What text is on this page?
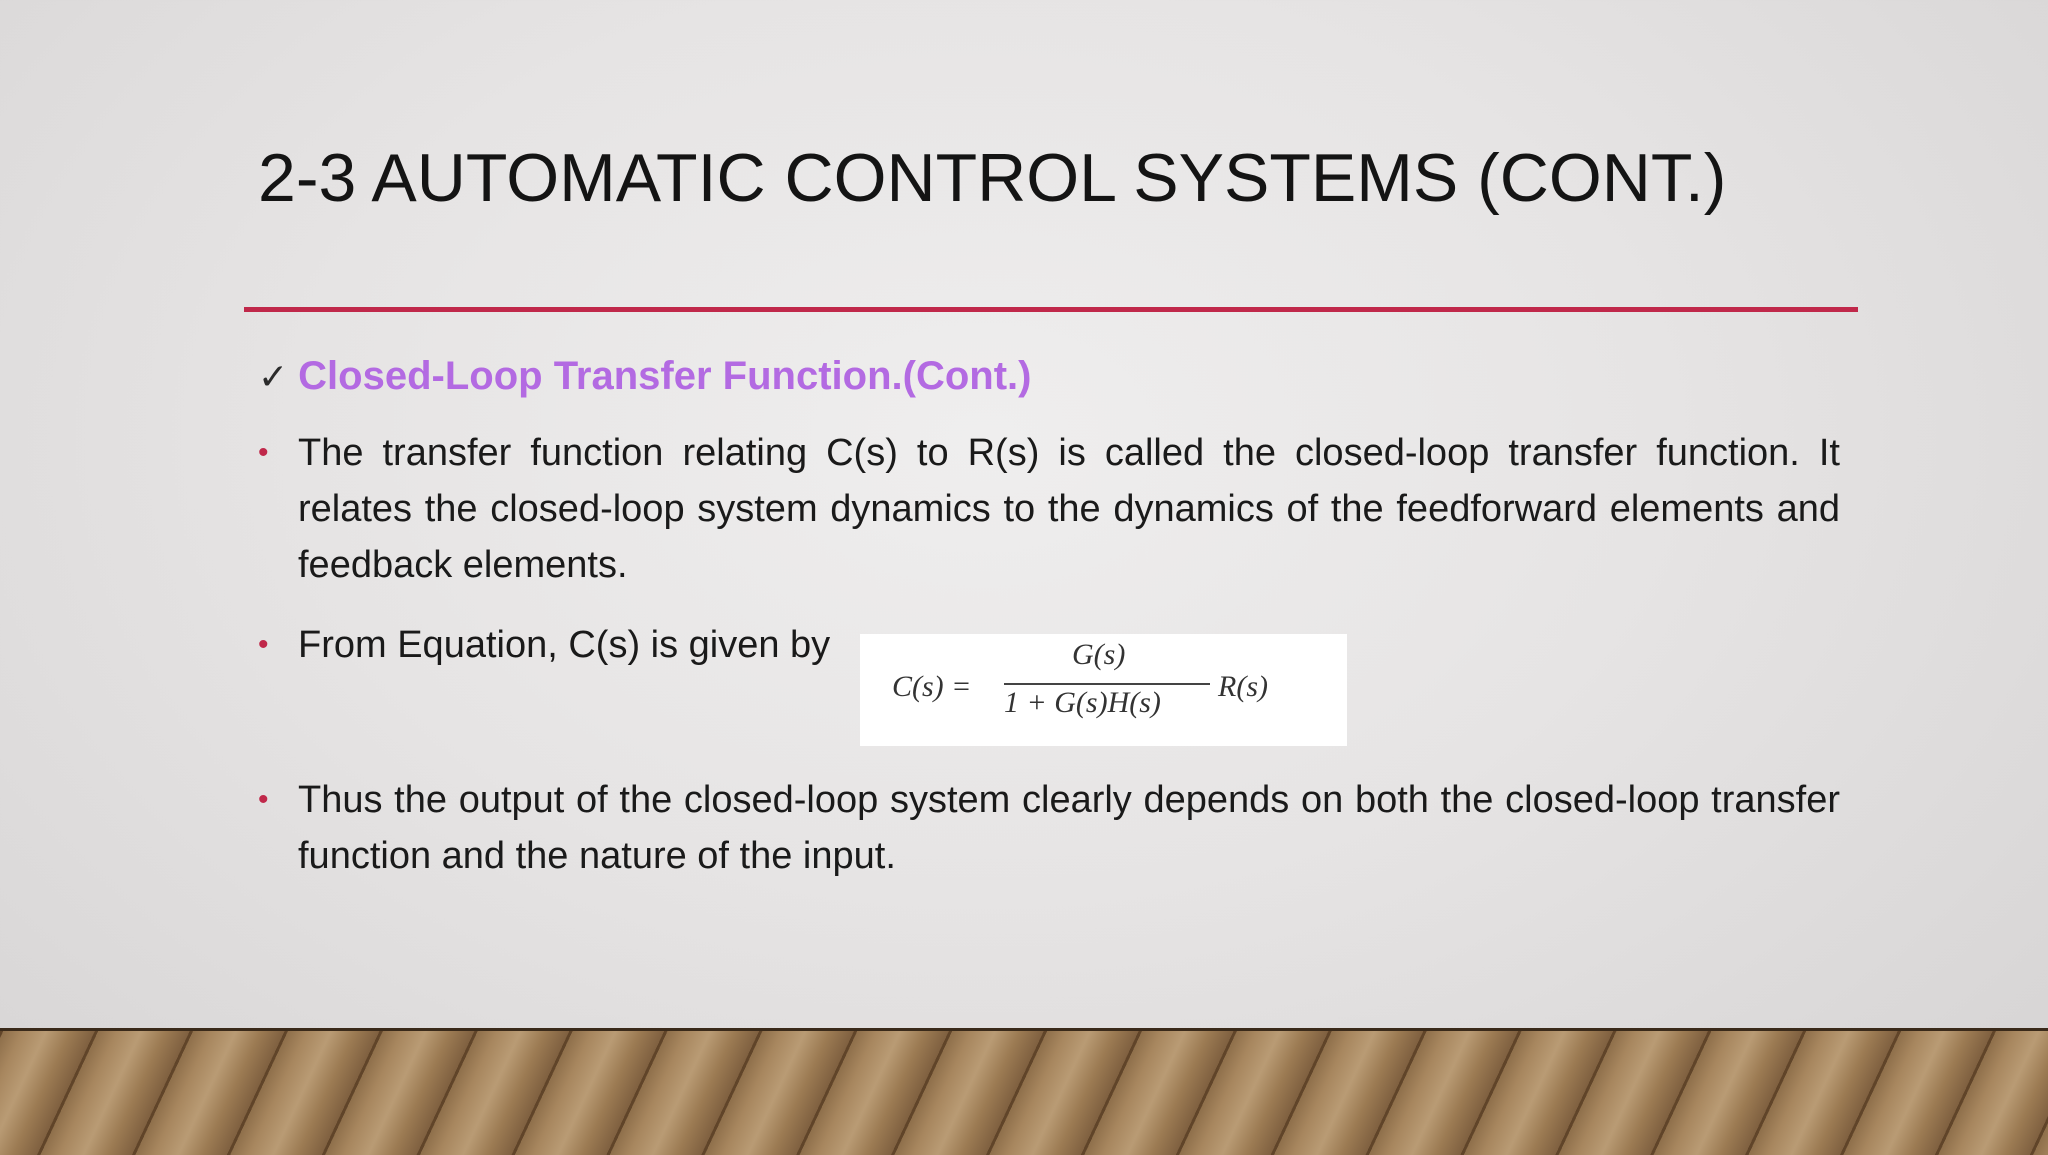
2-3 AUTOMATIC CONTROL SYSTEMS (CONT.)
✓ Closed-Loop Transfer Function.(Cont.)
• The transfer function relating C(s) to R(s) is called the closed-loop transfer function. It relates the closed-loop system dynamics to the dynamics of the feedforward elements and feedback elements.
• From Equation, C(s) is given by
C(s) =
G(s)
1 + G(s)H(s) R(s)
• Thus the output of the closed-loop system clearly depends on both the closed-loop transfer function and the nature of the input.
